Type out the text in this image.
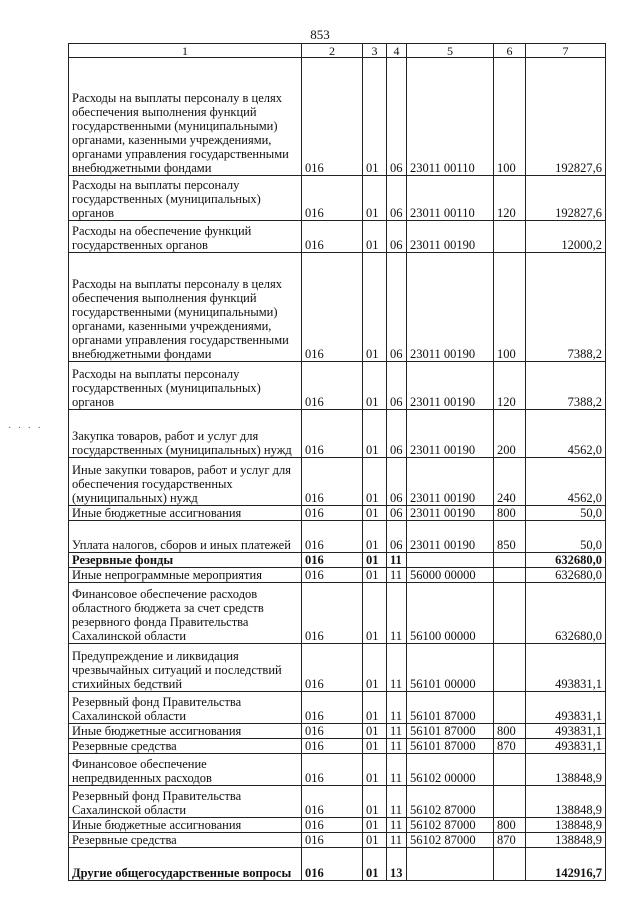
853
· · · ·
1	2	3	4	5	6	7
Расходы на выплаты персоналу в целях обеспечения выполнения функций государственными (муниципальными) органами, казенными учреждениями, органами управления государственными внебюджетными фондами	016	01	06	23011 00110	100	192827,6
Расходы на выплаты персоналу государственных (муниципальных) органов	016	01	06	23011 00110	120	192827,6
Расходы на обеспечение функций государственных органов	016	01	06	23011 00190		12000,2
Расходы на выплаты персоналу в целях обеспечения выполнения функций государственными (муниципальными) органами, казенными учреждениями, органами управления государственными внебюджетными фондами	016	01	06	23011 00190	100	7388,2
Расходы на выплаты персоналу государственных (муниципальных) органов	016	01	06	23011 00190	120	7388,2
Закупка товаров, работ и услуг для государственных (муниципальных) нужд	016	01	06	23011 00190	200	4562,0
Иные закупки товаров, работ и услуг для обеспечения государственных (муниципальных) нужд	016	01	06	23011 00190	240	4562,0
Иные бюджетные ассигнования	016	01	06	23011 00190	800	50,0
Уплата налогов, сборов и иных платежей	016	01	06	23011 00190	850	50,0
Резервные фонды	016	01	11			632680,0
Иные непрограммные мероприятия	016	01	11	56000 00000		632680,0
Финансовое обеспечение расходов областного бюджета за счет средств резервного фонда Правительства Сахалинской области	016	01	11	56100 00000		632680,0
Предупреждение и ликвидация чрезвычайных ситуаций и последствий стихийных бедствий	016	01	11	56101 00000		493831,1
Резервный фонд Правительства Сахалинской области	016	01	11	56101 87000		493831,1
Иные бюджетные ассигнования	016	01	11	56101 87000	800	493831,1
Резервные средства	016	01	11	56101 87000	870	493831,1
Финансовое обеспечение непредвиденных расходов	016	01	11	56102 00000		138848,9
Резервный фонд Правительства Сахалинской области	016	01	11	56102 87000		138848,9
Иные бюджетные ассигнования	016	01	11	56102 87000	800	138848,9
Резервные средства	016	01	11	56102 87000	870	138848,9
Другие общегосударственные вопросы	016	01	13			142916,7
